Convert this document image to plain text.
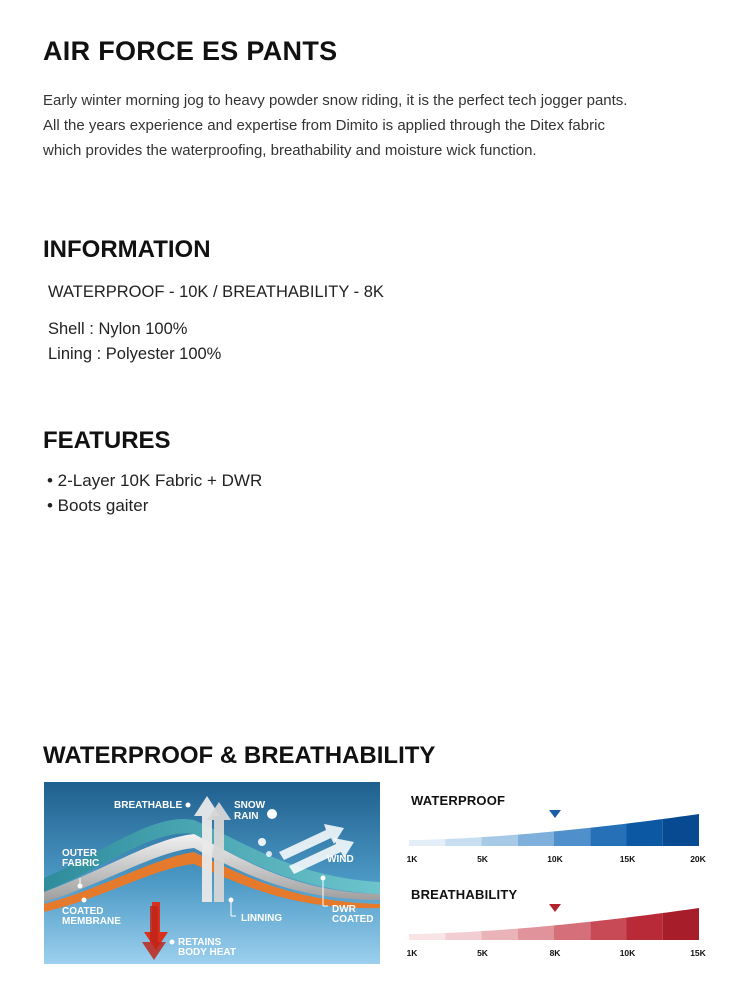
AIR FORCE ES PANTS
Early winter morning jog to heavy powder snow riding, it is the perfect tech jogger pants.
All the years experience and expertise from Dimito is applied through the Ditex fabric
which provides the waterproofing, breathability and moisture wick function.
INFORMATION
WATERPROOF - 10K / BREATHABILITY - 8K
Shell : Nylon 100%
Lining : Polyester 100%
FEATURES
• 2-Layer 10K Fabric + DWR
• Boots gaiter
WATERPROOF & BREATHABILITY
BREATHABLE	SNOW
RAIN
OUTER
FABRIC	WIND
COATED
MEMBRANE	LINNING
DWR
COATED
RETAINS
BODY HEAT
WATERPROOF
1K	5K	10K	15K	20K
BREATHABILITY
1K	5K	8K	10K	15K
